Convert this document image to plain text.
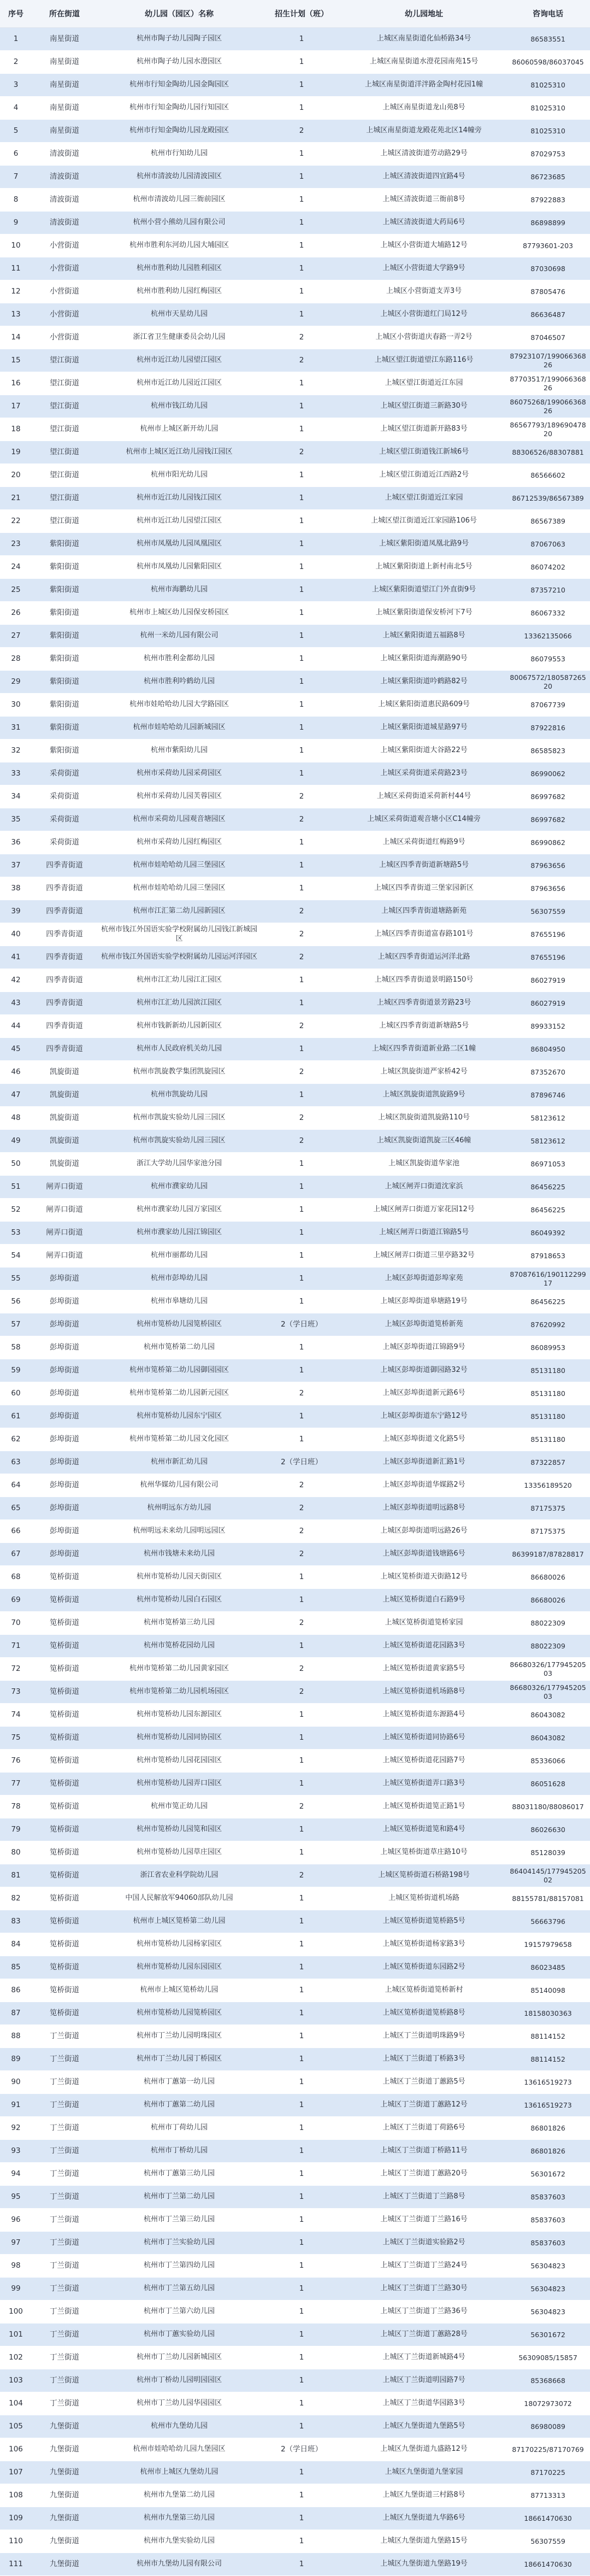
序号	所在街道	幼儿园（园区）名称	招生计划（班）	幼儿园地址	咨询电话
1	南星街道	杭州市陶子幼儿园陶子园区	1	上城区南星街道化仙桥路34号	86583551
2	南星街道	杭州市陶子幼儿园水澄园区	1	上城区南星街道水澄花园南苑15号	86060598/86037045
3	南星街道	杭州市行知金陶幼儿园金陶园区	1	上城区南星街道洋泮路金陶村花园1幢	81025310
4	南星街道	杭州市行知金陶幼儿园行知园区	1	上城区南星街道龙山苑8号	81025310
5	南星街道	杭州市行知金陶幼儿园龙殿园区	2	上城区南星街道龙殿花苑北区14幢旁	81025310
6	清波街道	杭州市行知幼儿园	1	上城区清波街道劳动路29号	87029753
7	清波街道	杭州市清波幼儿园清波园区	1	上城区清波街道四宜路4号	86723685
8	清波街道	杭州市清波幼儿园三衙前园区	1	上城区清波街道三衙前8号	87922883
9	清波街道	杭州小营小熊幼儿园有限公司	1	上城区清波街道大药局6号	86898899
10	小营街道	杭州市胜利东河幼儿园大埔园区	1	上城区小营街道大埔路12号	87793601-203
11	小营街道	杭州市胜利幼儿园胜利园区	1	上城区小营街道大学路9号	87030698
12	小营街道	杭州市胜利幼儿园红梅园区	1	上城区小营街道支弄3号	87805476
13	小营街道	杭州市天星幼儿园	1	上城区小营街道红门局12号	86636487
14	小营街道	浙江省卫生健康委员会幼儿园	2	上城区小营街道庆春路一弄2号	87046507
15	望江街道	杭州市近江幼儿园望江园区	2	上城区望江街道望江东路116号	87923107/19906636826
16	望江街道	杭州市近江幼儿园近江园区	1	上城区望江街道近江东园	87703517/19906636826
17	望江街道	杭州市钱江幼儿园	1	上城区望江街道三新路30号	86075268/19906636826
18	望江街道	杭州市上城区新开幼儿园	1	上城区望江街道新开路83号	86567793/18969047820
19	望江街道	杭州市上城区近江幼儿园钱江园区	2	上城区望江街道钱江新城6号	88306526/88307881
20	望江街道	杭州市阳光幼儿园	1	上城区望江街道近江西路2号	86566602
21	望江街道	杭州市近江幼儿园钱江园区	1	上城区望江街道近江家园	86712539/86567389
22	望江街道	杭州市近江幼儿园望江园区	1	上城区望江街道近江家园路106号	86567389
23	紫阳街道	杭州市凤凰幼儿园凤凰园区	1	上城区紫阳街道凤凰北路9号	87067063
24	紫阳街道	杭州市凤凰幼儿园紫阳园区	1	上城区紫阳街道上新村南北5号	86074202
25	紫阳街道	杭州市海鹏幼儿园	1	上城区紫阳街道望江门外直街9号	87357210
26	紫阳街道	杭州市上城区幼儿园保安桥园区	1	上城区紫阳街道保安桥河下7号	86067332
27	紫阳街道	杭州一米幼儿园有限公司	1	上城区紫阳街道五福路8号	13362135066
28	紫阳街道	杭州市胜利金都幼儿园	1	上城区紫阳街道海潮路90号	86079553
29	紫阳街道	杭州市胜利吟鹤幼儿园	1	上城区紫阳街道吟鹤路82号	80067572/18058726520
30	紫阳街道	杭州市娃哈哈幼儿园大学路园区	1	上城区紫阳街道惠民路609号	87067739
31	紫阳街道	杭州市娃哈哈幼儿园新城园区	1	上城区紫阳街道城星路97号	87922816
32	紫阳街道	杭州市紫阳幼儿园	1	上城区紫阳街道大谷路22号	86585823
33	采荷街道	杭州市采荷幼儿园采荷园区	1	上城区采荷街道采荷路23号	86990062
34	采荷街道	杭州市采荷幼儿园芙蓉园区	2	上城区采荷街道采荷新村44号	86997682
35	采荷街道	杭州市采荷幼儿园观音塘园区	2	上城区采荷街道观音塘小区C14幢旁	86997682
36	采荷街道	杭州市采荷幼儿园红梅园区	1	上城区采荷街道红梅路9号	86990862
37	四季青街道	杭州市娃哈哈幼儿园三堡园区	1	上城区四季青街道新塘路5号	87963656
38	四季青街道	杭州市娃哈哈幼儿园三堡园区	1	上城区四季青街道三堡家园新区	87963656
39	四季青街道	杭州市江汇第二幼儿园新园区	2	上城区四季青街道塘路新苑	56307559
40	四季青街道	杭州市钱江外国语实验学校附属幼儿园钱江新城园区	2	上城区四季青街道富春路101号	87655196
41	四季青街道	杭州市钱江外国语实验学校附属幼儿园运河洋园区	2	上城区四季青街道运河洋北路	87655196
42	四季青街道	杭州市江汇幼儿园江汇园区	1	上城区四季青街道景明路150号	86027919
43	四季青街道	杭州市江汇幼儿园滨江园区	1	上城区四季青街道景芳路23号	86027919
44	四季青街道	杭州市钱新新幼儿园新园区	2	上城区四季青街道新塘路5号	89933152
45	四季青街道	杭州市人民政府机关幼儿园	1	上城区四季青街道新业路二区1幢	86804950
46	凯旋街道	杭州市凯旋教学集团凯旋园区	2	上城区凯旋街道严家桥42号	87352670
47	凯旋街道	杭州市凯旋幼儿园	1	上城区凯旋街道凯旋路9号	87896746
48	凯旋街道	杭州市凯旋实验幼儿园三园区	2	上城区凯旋街道凯旋路110号	58123612
49	凯旋街道	杭州市凯旋实验幼儿园三园区	2	上城区凯旋街道凯旋三区46幢	58123612
50	凯旋街道	浙江大学幼儿园华家池分园	1	上城区凯旋街道华家池	86971053
51	闸弄口街道	杭州市濮家幼儿园	1	上城区闸弄口街道沈家浜	86456225
52	闸弄口街道	杭州市濮家幼儿园万家园区	1	上城区闸弄口街道万家花园12号	86456225
53	闸弄口街道	杭州市濮家幼儿园江锦园区	1	上城区闸弄口街道江锦路5号	86049392
54	闸弄口街道	杭州市丽都幼儿园	1	上城区闸弄口街道三里亭路32号	87918653
55	彭埠街道	杭州市彭埠幼儿园	1	上城区彭埠街道彭埠家苑	87087616/19011229917
56	彭埠街道	杭州市皋塘幼儿园	1	上城区彭埠街道皋塘路19号	86456225
57	彭埠街道	杭州市笕桥幼儿园笕桥园区	2（学日班）	上城区彭埠街道笕桥新苑	87620992
58	彭埠街道	杭州市笕桥第二幼儿园	1	上城区彭埠街道江锦路9号	86089953
59	彭埠街道	杭州市笕桥第二幼儿园御园园区	1	上城区彭埠街道御园路32号	85131180
60	彭埠街道	杭州市笕桥第二幼儿园新元园区	2	上城区彭埠街道新元路6号	85131180
61	彭埠街道	杭州市笕桥幼儿园东宁园区	1	上城区彭埠街道东宁路12号	85131180
62	彭埠街道	杭州市笕桥第二幼儿园文化园区	1	上城区彭埠街道文化路5号	85131180
63	彭埠街道	杭州市新汇幼儿园	2（学日班）	上城区彭埠街道新汇路1号	87322857
64	彭埠街道	杭州华媒幼儿园有限公司	2	上城区彭埠街道华媒路2号	13356189520
65	彭埠街道	杭州明远东方幼儿园	2	上城区彭埠街道明远路8号	87175375
66	彭埠街道	杭州明远未来幼儿园明远园区	2	上城区彭埠街道明远路26号	87175375
67	彭埠街道	杭州市钱塘未来幼儿园	2	上城区彭埠街道钱塘路6号	86399187/87828817
68	笕桥街道	杭州市笕桥幼儿园天街园区	1	上城区笕桥街道天街路12号	86680026
69	笕桥街道	杭州市笕桥幼儿园白石园区	1	上城区笕桥街道白石路9号	86680026
70	笕桥街道	杭州市笕桥第三幼儿园	2	上城区笕桥街道笕桥家园	88022309
71	笕桥街道	杭州市笕桥花园幼儿园	1	上城区笕桥街道花园路3号	88022309
72	笕桥街道	杭州市笕桥第二幼儿园黄家园区	2	上城区笕桥街道黄家路5号	86680326/17794520503
73	笕桥街道	杭州市笕桥第二幼儿园机场园区	2	上城区笕桥街道机场路8号	86680326/17794520503
74	笕桥街道	杭州市笕桥幼儿园东源园区	1	上城区笕桥街道东源路4号	86043082
75	笕桥街道	杭州市笕桥幼儿园同协园区	1	上城区笕桥街道同协路6号	86043082
76	笕桥街道	杭州市笕桥幼儿园花园园区	1	上城区笕桥街道花园路7号	85336066
77	笕桥街道	杭州市笕桥幼儿园弄口园区	1	上城区笕桥街道弄口路3号	86051628
78	笕桥街道	杭州市笕正幼儿园	2	上城区笕桥街道笕正路1号	88031180/88086017
79	笕桥街道	杭州市笕桥幼儿园笕和园区	1	上城区笕桥街道笕和路4号	86026630
80	笕桥街道	杭州市笕桥幼儿园草庄园区	1	上城区笕桥街道草庄路10号	85128039
81	笕桥街道	浙江省农业科学院幼儿园	2	上城区笕桥街道石桥路198号	86404145/17794520502
82	笕桥街道	中国人民解放军94060部队幼儿园	1	上城区笕桥街道机场路	88155781/88157081
83	笕桥街道	杭州市上城区笕桥第二幼儿园	1	上城区笕桥街道笕桥路5号	56663796
84	笕桥街道	杭州市笕桥幼儿园杨家园区	1	上城区笕桥街道杨家路3号	19157979658
85	笕桥街道	杭州市笕桥幼儿园东园园区	1	上城区笕桥街道东园路2号	86023485
86	笕桥街道	杭州市上城区笕桥幼儿园	1	上城区笕桥街道笕桥新村	85140098
87	笕桥街道	杭州市笕桥幼儿园笕桥园区	1	上城区笕桥街道笕桥路8号	18158030363
88	丁兰街道	杭州市丁兰幼儿园明珠园区	1	上城区丁兰街道明珠路9号	88114152
89	丁兰街道	杭州市丁兰幼儿园丁桥园区	1	上城区丁兰街道丁桥路3号	88114152
90	丁兰街道	杭州市丁蕙第一幼儿园	1	上城区丁兰街道丁蕙路5号	13616519273
91	丁兰街道	杭州市丁蕙第二幼儿园	1	上城区丁兰街道丁蕙路12号	13616519273
92	丁兰街道	杭州市丁荷幼儿园	1	上城区丁兰街道丁荷路6号	86801826
93	丁兰街道	杭州市丁桥幼儿园	1	上城区丁兰街道丁桥路11号	86801826
94	丁兰街道	杭州市丁蕙第三幼儿园	1	上城区丁兰街道丁蕙路20号	56301672
95	丁兰街道	杭州市丁兰第二幼儿园	1	上城区丁兰街道丁兰路8号	85837603
96	丁兰街道	杭州市丁兰第三幼儿园	1	上城区丁兰街道丁兰路16号	85837603
97	丁兰街道	杭州市丁兰实验幼儿园	1	上城区丁兰街道实验路2号	85837603
98	丁兰街道	杭州市丁兰第四幼儿园	1	上城区丁兰街道丁兰路24号	56304823
99	丁兰街道	杭州市丁兰第五幼儿园	1	上城区丁兰街道丁兰路30号	56304823
100	丁兰街道	杭州市丁兰第六幼儿园	1	上城区丁兰街道丁兰路36号	56304823
101	丁兰街道	杭州市丁蕙实验幼儿园	1	上城区丁兰街道丁蕙路28号	56301672
102	丁兰街道	杭州市丁兰幼儿园新城园区	1	上城区丁兰街道新城路4号	56309085/15857
103	丁兰街道	杭州市丁桥幼儿园明园园区	1	上城区丁兰街道明园路7号	85368668
104	丁兰街道	杭州市丁兰幼儿园华园园区	1	上城区丁兰街道华园路3号	18072973072
105	九堡街道	杭州市九堡幼儿园	1	上城区九堡街道九堡路5号	86980089
106	九堡街道	杭州市娃哈哈幼儿园九堡园区	2（学日班）	上城区九堡街道九盛路12号	87170225/87170769
107	九堡街道	杭州市上城区九堡幼儿园	1	上城区九堡街道九堡家园	87170225
108	九堡街道	杭州市九堡第二幼儿园	1	上城区九堡街道三村路8号	87713313
109	九堡街道	杭州市九堡第三幼儿园	1	上城区九堡街道九华路6号	18661470630
110	九堡街道	杭州市九堡实验幼儿园	1	上城区九堡街道九堡路15号	56307559
111	九堡街道	杭州市九堡幼儿园有限公司	1	上城区九堡街道九堡路19号	18661470630
